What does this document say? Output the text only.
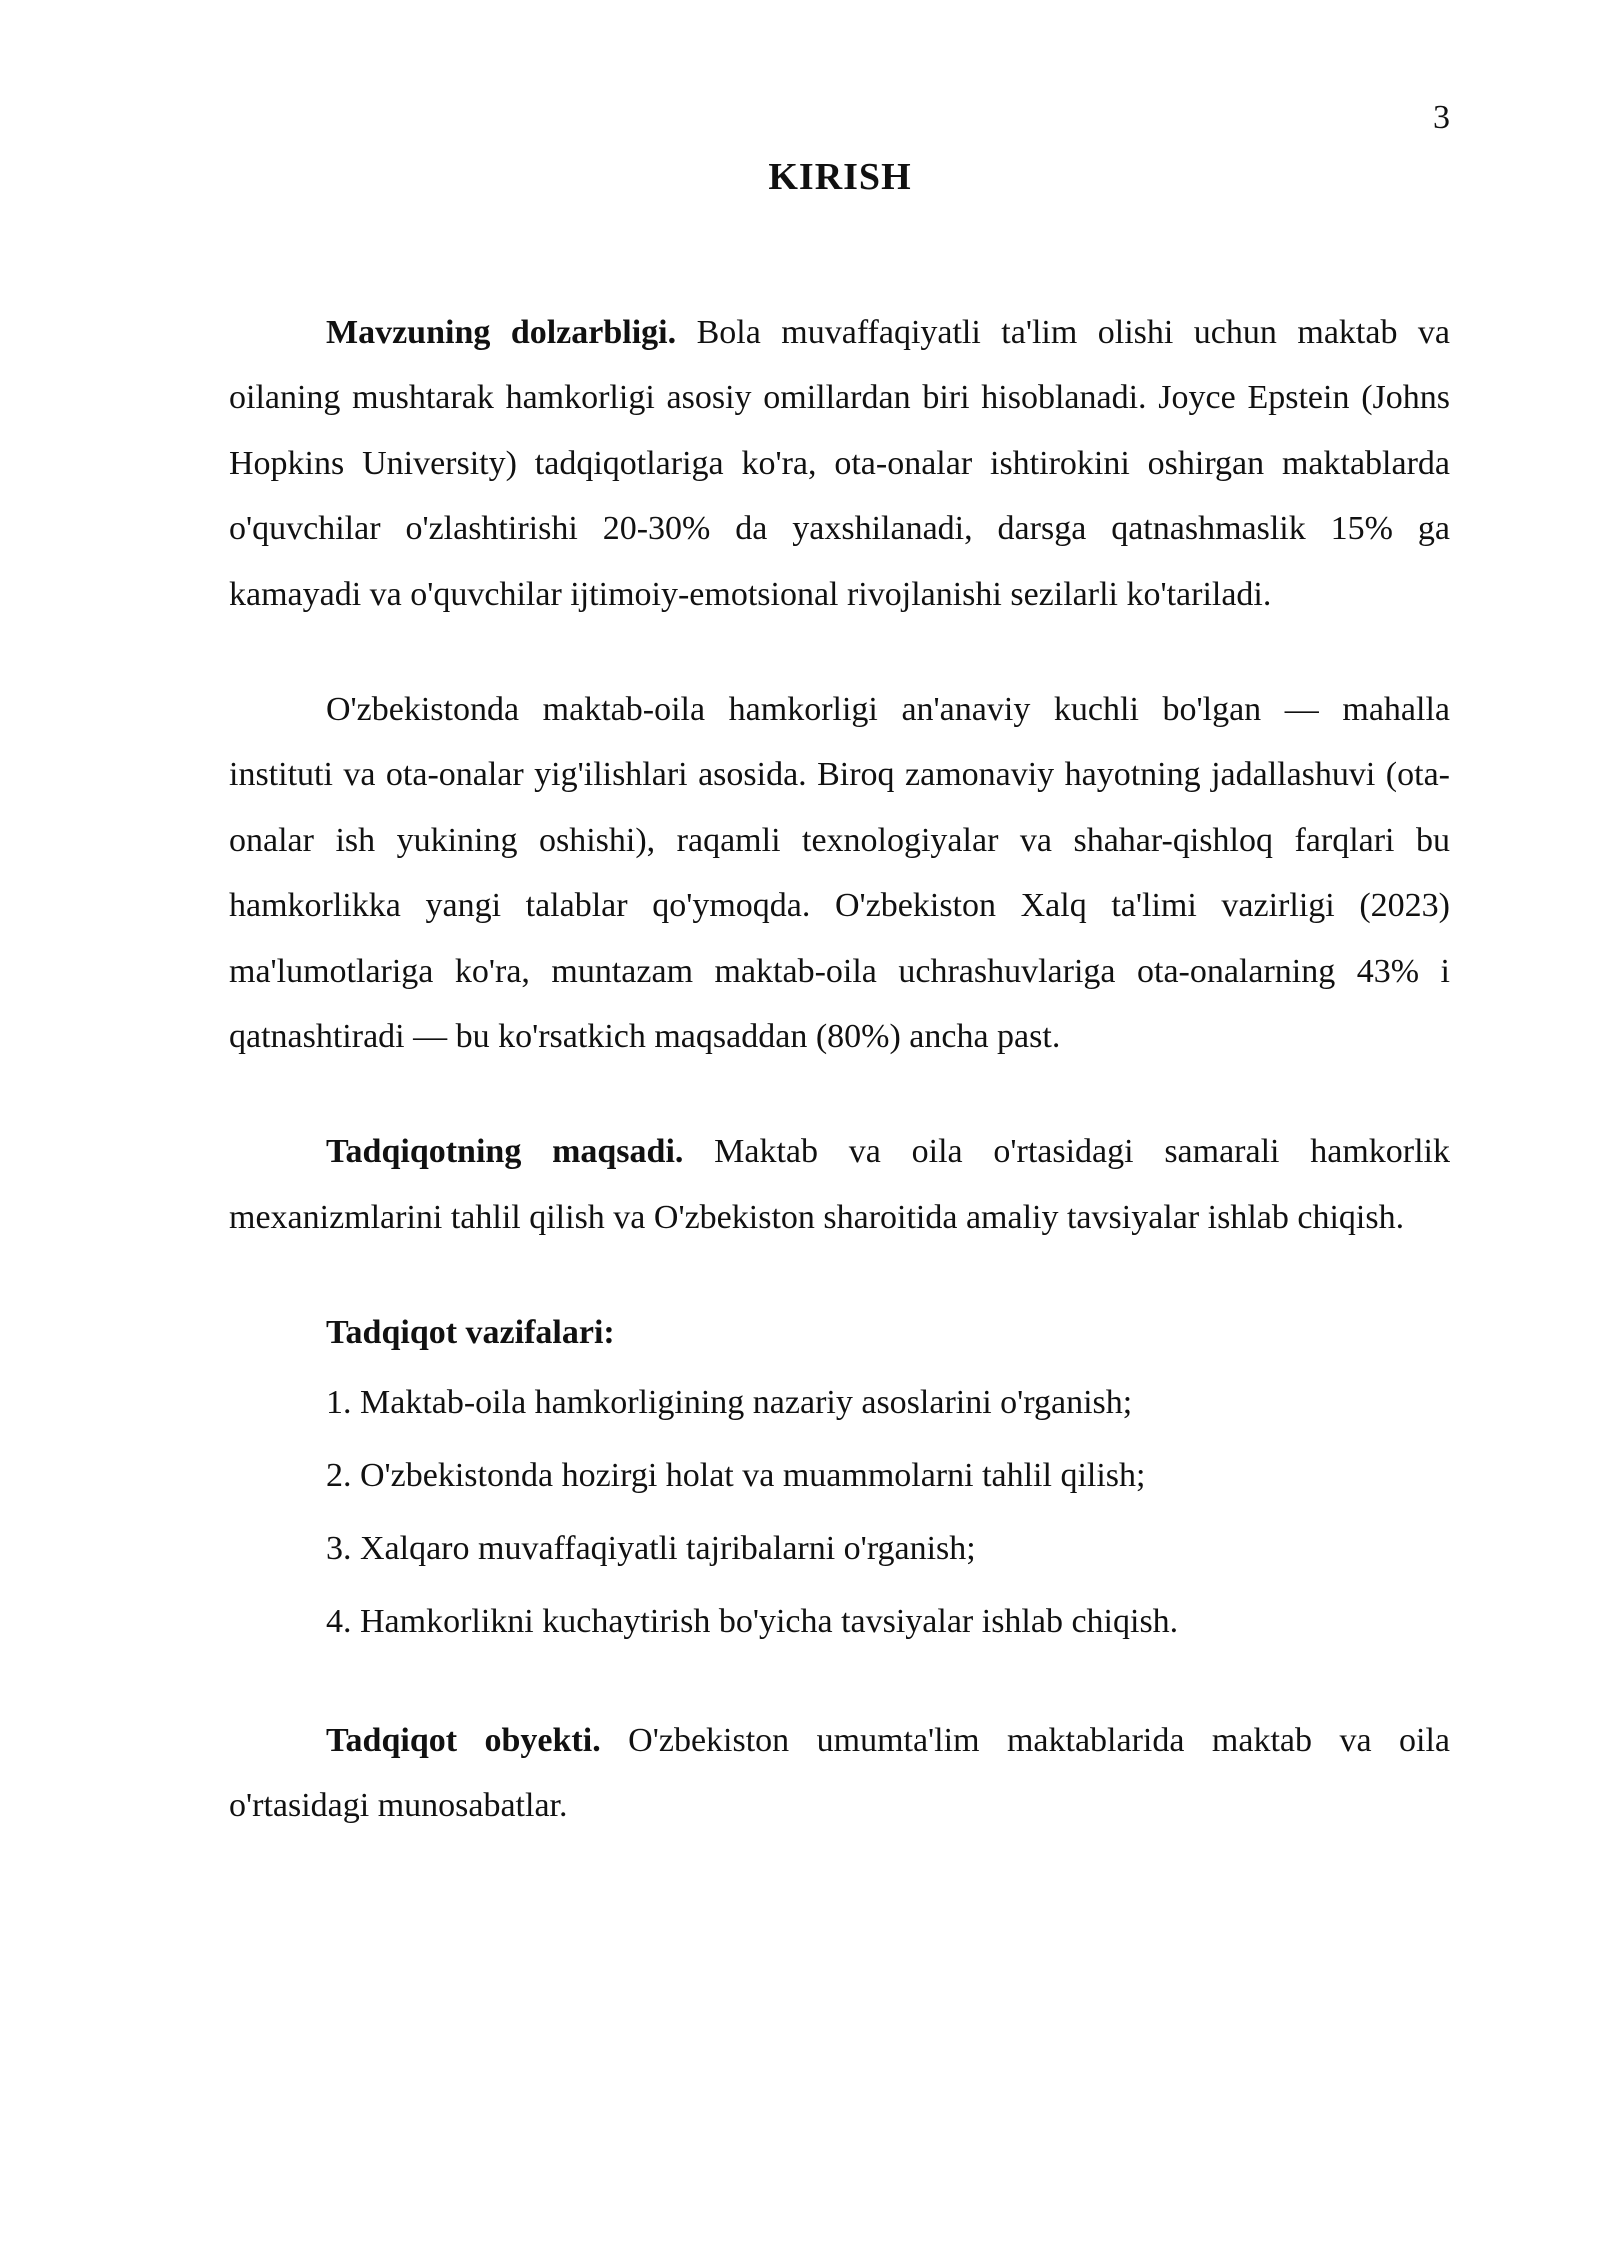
3
KIRISH

Mavzuning dolzarbligi. Bola muvaffaqiyatli ta'lim olishi uchun maktab va oilaning mushtarak hamkorligi asosiy omillardan biri hisoblanadi. Joyce Epstein (Johns Hopkins University) tadqiqotlariga ko'ra, ota-onalar ishtirokini oshirgan maktablarda o'quvchilar o'zlashtirishi 20-30% da yaxshilanadi, darsga qatnashmaslik 15% ga kamayadi va o'quvchilar ijtimoiy-emotsional rivojlanishi sezilarli ko'tariladi.

O'zbekistonda maktab-oila hamkorligi an'anaviy kuchli bo'lgan — mahalla instituti va ota-onalar yig'ilishlari asosida. Biroq zamonaviy hayotning jadallashuvi (ota-onalar ish yukining oshishi), raqamli texnologiyalar va shahar-qishloq farqlari bu hamkorlikka yangi talablar qo'ymoqda. O'zbekiston Xalq ta'limi vazirligi (2023) ma'lumotlariga ko'ra, muntazam maktab-oila uchrashuvlariga ota-onalarning 43% i qatnashtiradi — bu ko'rsatkich maqsaddan (80%) ancha past.

Tadqiqotning maqsadi. Maktab va oila o'rtasidagi samarali hamkorlik mexanizmlarini tahlil qilish va O'zbekiston sharoitida amaliy tavsiyalar ishlab chiqish.

Tadqiqot vazifalari:

1. Maktab-oila hamkorligining nazariy asoslarini o'rganish;
2. O'zbekistonda hozirgi holat va muammolarni tahlil qilish;
3. Xalqaro muvaffaqiyatli tajribalarni o'rganish;
4. Hamkorlikni kuchaytirish bo'yicha tavsiyalar ishlab chiqish.

Tadqiqot obyekti. O'zbekiston umumta'lim maktablarida maktab va oila o'rtasidagi munosabatlar.
